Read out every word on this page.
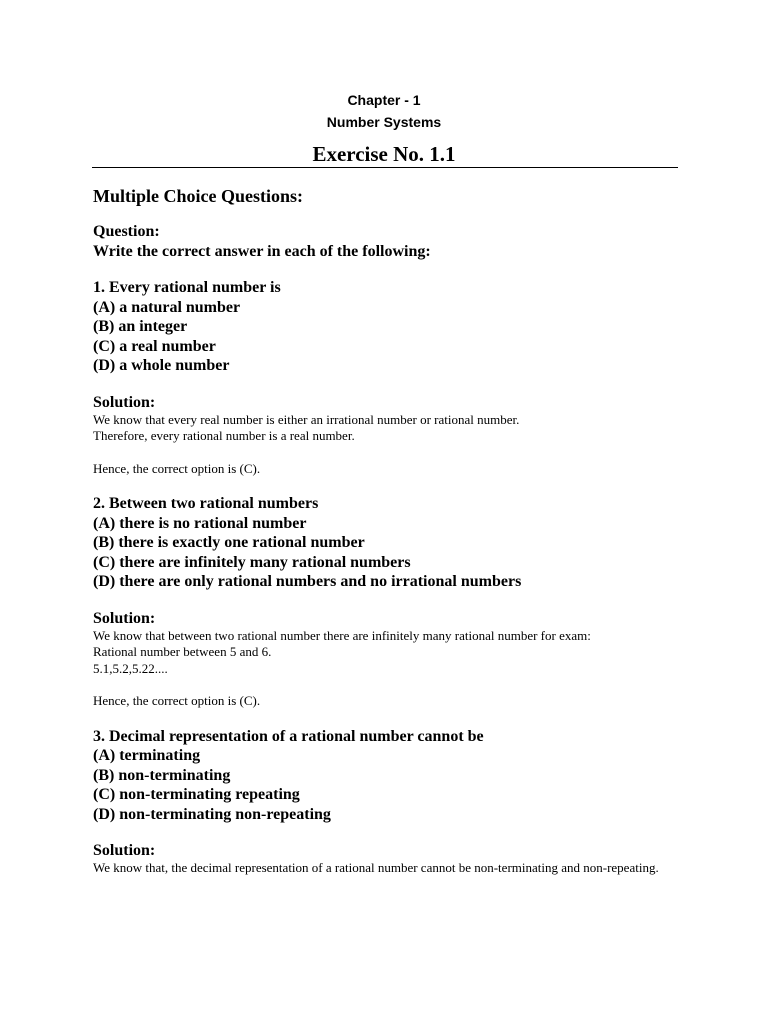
Chapter - 1
Number Systems
Exercise No. 1.1
Multiple Choice Questions:
Question:
Write the correct answer in each of the following:
1. Every rational number is
(A) a natural number
(B) an integer
(C) a real number
(D) a whole number
Solution:
We know that every real number is either an irrational number or rational number.
Therefore, every rational number is a real number.
Hence, the correct option is (C).
2. Between two rational numbers
(A) there is no rational number
(B) there is exactly one rational number
(C) there are infinitely many rational numbers
(D) there are only rational numbers and no irrational numbers
Solution:
We know that between two rational number there are infinitely many rational number for exam:
Rational number between 5 and 6.
5.1,5.2,5.22....
Hence, the correct option is (C).
3. Decimal representation of a rational number cannot be
(A) terminating
(B) non-terminating
(C) non-terminating repeating
(D) non-terminating non-repeating
Solution:
We know that, the decimal representation of a rational number cannot be non-terminating and non-repeating.
